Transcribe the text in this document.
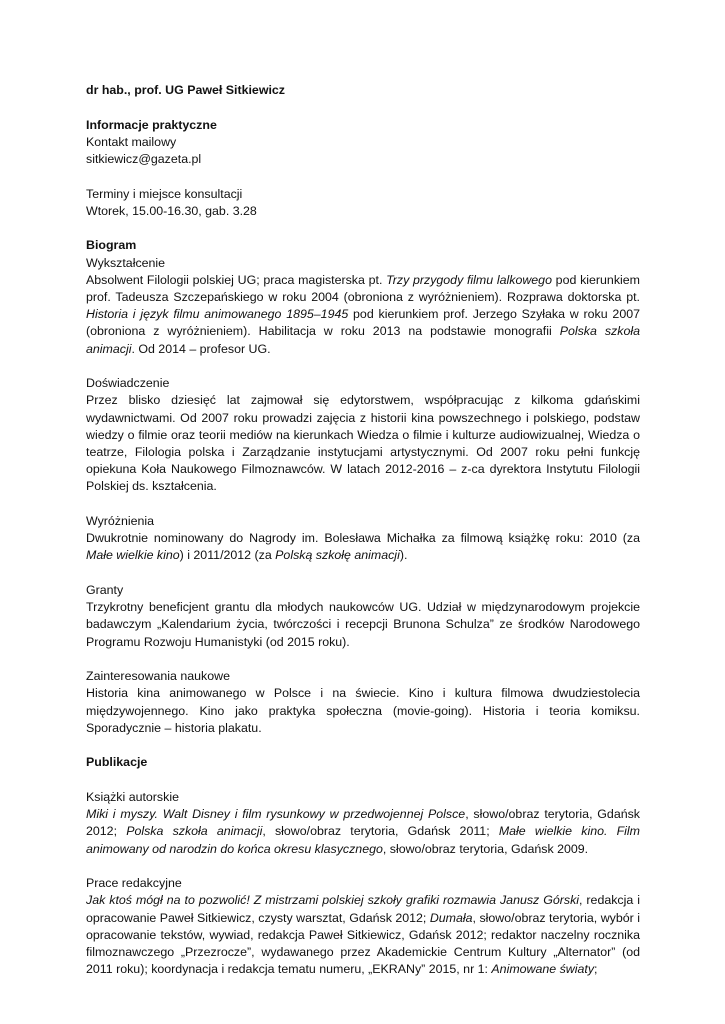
dr hab., prof. UG Paweł Sitkiewicz

Informacje praktyczne

Kontakt mailowy

sitkiewicz@gazeta.pl

Terminy i miejsce konsultacji

Wtorek, 15.00-16.30, gab. 3.28

Biogram

Wykształcenie

Absolwent Filologii polskiej UG; praca magisterska pt. Trzy przygody filmu lalkowego pod kierunkiem prof. Tadeusza Szczepańskiego w roku 2004 (obroniona z wyróżnieniem). Rozprawa doktorska pt. Historia i język filmu animowanego 1895–1945 pod kierunkiem prof. Jerzego Szyłaka w roku 2007 (obroniona z wyróżnieniem). Habilitacja w roku 2013 na podstawie monografii Polska szkoła animacji. Od 2014 – profesor UG.

Doświadczenie

Przez blisko dziesięć lat zajmował się edytorstwem, współpracując z kilkoma gdańskimi wydawnictwami. Od 2007 roku prowadzi zajęcia z historii kina powszechnego i polskiego, podstaw wiedzy o filmie oraz teorii mediów na kierunkach Wiedza o filmie i kulturze audiowizualnej, Wiedza o teatrze, Filologia polska i Zarządzanie instytucjami artystycznymi. Od 2007 roku pełni funkcję opiekuna Koła Naukowego Filmoznawców. W latach 2012-2016 – z-ca dyrektora Instytutu Filologii Polskiej ds. kształcenia.

Wyróżnienia

Dwukrotnie nominowany do Nagrody im. Bolesława Michałka za filmową książkę roku: 2010 (za Małe wielkie kino) i 2011/2012 (za Polską szkołę animacji).

Granty

Trzykrotny beneficjent grantu dla młodych naukowców UG. Udział w międzynarodowym projekcie badawczym „Kalendarium życia, twórczości i recepcji Brunona Schulza” ze środków Narodowego Programu Rozwoju Humanistyki (od 2015 roku).

Zainteresowania naukowe

Historia kina animowanego w Polsce i na świecie. Kino i kultura filmowa dwudziestolecia międzywojennego. Kino jako praktyka społeczna (movie-going). Historia i teoria komiksu. Sporadycznie – historia plakatu.

Publikacje

Książki autorskie

Miki i myszy. Walt Disney i film rysunkowy w przedwojennej Polsce, słowo/obraz terytoria, Gdańsk 2012; Polska szkoła animacji, słowo/obraz terytoria, Gdańsk 2011; Małe wielkie kino. Film animowany od narodzin do końca okresu klasycznego, słowo/obraz terytoria, Gdańsk 2009.

Prace redakcyjne

Jak ktoś mógł na to pozwolić! Z mistrzami polskiej szkoły grafiki rozmawia Janusz Górski, redakcja i opracowanie Paweł Sitkiewicz, czysty warsztat, Gdańsk 2012; Dumała, słowo/obraz terytoria, wybór i opracowanie tekstów, wywiad, redakcja Paweł Sitkiewicz, Gdańsk 2012; redaktor naczelny rocznika filmoznawczego „Przezrocze”, wydawanego przez Akademickie Centrum Kultury „Alternator” (od 2011 roku); koordynacja i redakcja tematu numeru, „EKRANy” 2015, nr 1: Animowane światy;
